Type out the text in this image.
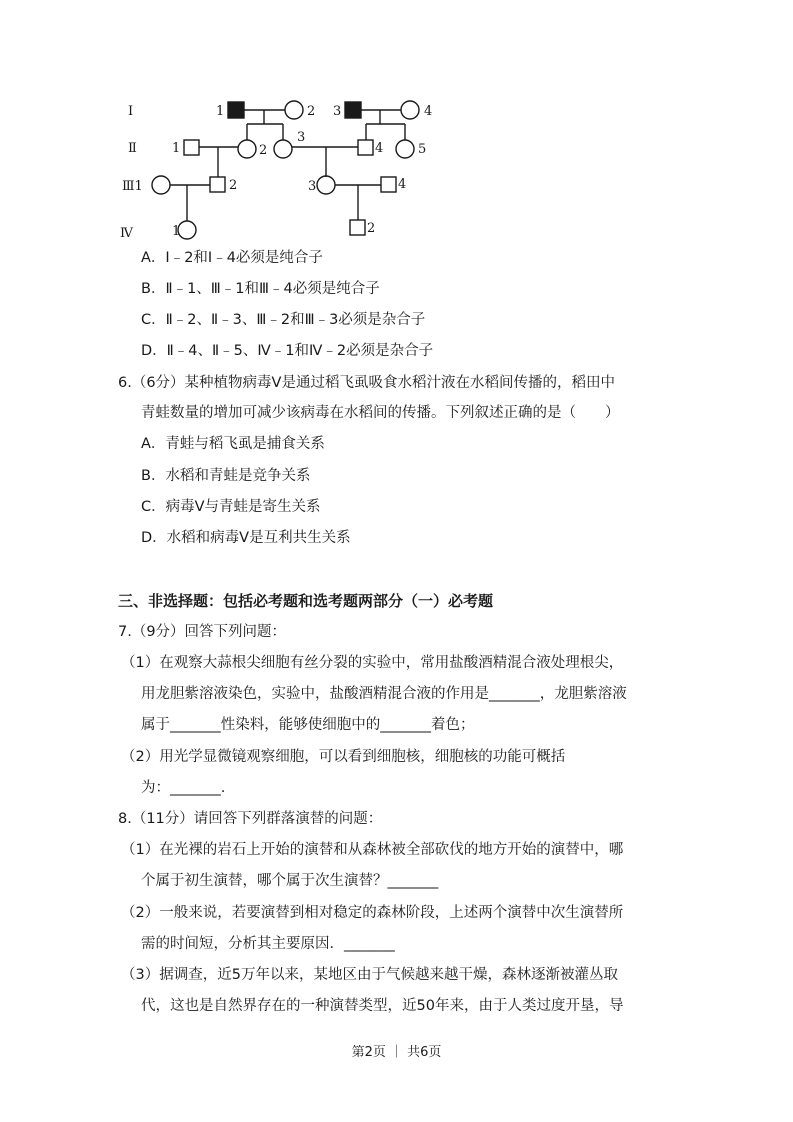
Ⅰ
Ⅱ
Ⅲ1
Ⅳ
1	2 3	4
1	2
3
4	5
2	3	4
1	2
A．Ⅰ﹣2和Ⅰ﹣4必须是纯合子
B．Ⅱ﹣1、Ⅲ﹣1和Ⅲ﹣4必须是纯合子
C．Ⅱ﹣2、Ⅱ﹣3、Ⅲ﹣2和Ⅲ﹣3必须是杂合子
D．Ⅱ﹣4、Ⅱ﹣5、Ⅳ﹣1和Ⅳ﹣2必须是杂合子
6.（6分）某种植物病毒Ⅴ是通过稻飞虱吸食水稻汁液在水稻间传播的，稻田中
青蛙数量的增加可减少该病毒在水稻间的传播。下列叙述正确的是（　　）
A．青蛙与稻飞虱是捕食关系
B．水稻和青蛙是竞争关系
C．病毒Ⅴ与青蛙是寄生关系
D．水稻和病毒Ⅴ是互利共生关系
三、非选择题：包括必考题和选考题两部分（一）必考题
7.（9分）回答下列问题：
（1）在观察大蒜根尖细胞有丝分裂的实验中，常用盐酸酒精混合液处理根尖，
用龙胆紫溶液染色，实验中，盐酸酒精混合液的作用是_______，龙胆紫溶液
属于_______性染料，能够使细胞中的_______着色；
（2）用光学显微镜观察细胞，可以看到细胞核，细胞核的功能可概括
为：_______.
8.（11分）请回答下列群落演替的问题：
（1）在光裸的岩石上开始的演替和从森林被全部砍伐的地方开始的演替中，哪
个属于初生演替，哪个属于次生演替？_______
（2）一般来说，若要演替到相对稳定的森林阶段，上述两个演替中次生演替所
需的时间短，分析其主要原因．_______
（3）据调查，近5万年以来，某地区由于气候越来越干燥，森林逐渐被灌丛取
代，这也是自然界存在的一种演替类型，近50年来，由于人类过度开垦，导
第2页 ｜ 共6页
